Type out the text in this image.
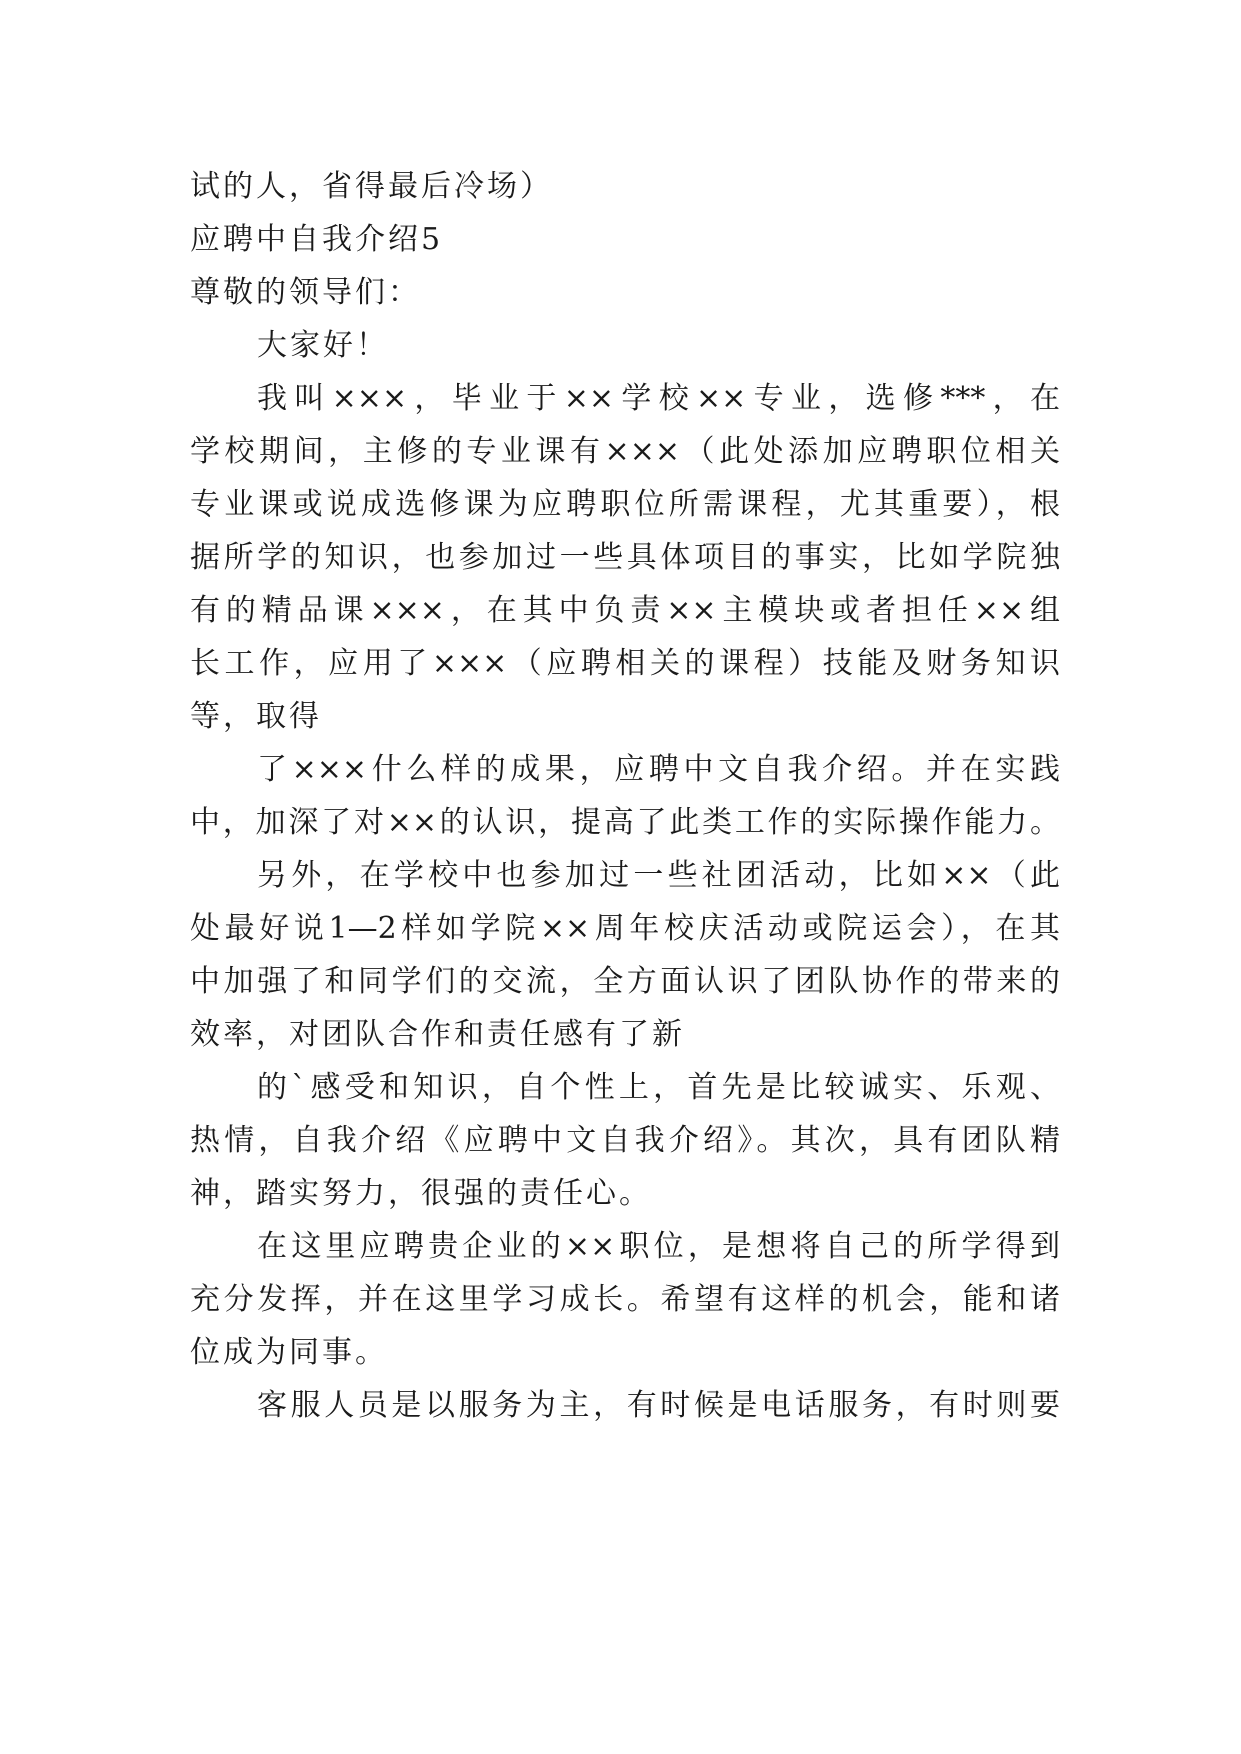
试的人，省得最后冷场）
应聘中自我介绍5
尊敬的领导们：
大家好！
我叫×××，毕业于××学校××专业，选修***，在
学校期间，主修的专业课有×××（此处添加应聘职位相关
专业课或说成选修课为应聘职位所需课程，尤其重要），根
据所学的知识，也参加过一些具体项目的事实，比如学院独
有的精品课×××，在其中负责××主模块或者担任××组
长工作，应用了×××（应聘相关的课程）技能及财务知识
等，取得
了×××什么样的成果，应聘中文自我介绍。并在实践
中，加深了对××的认识，提高了此类工作的实际操作能力。
另外，在学校中也参加过一些社团活动，比如××（此
处最好说1—2样如学院××周年校庆活动或院运会），在其
中加强了和同学们的交流，全方面认识了团队协作的带来的
效率，对团队合作和责任感有了新
的`感受和知识，自个性上，首先是比较诚实、乐观、
热情，自我介绍《应聘中文自我介绍》。其次，具有团队精
神，踏实努力，很强的责任心。
在这里应聘贵企业的××职位，是想将自己的所学得到
充分发挥，并在这里学习成长。希望有这样的机会，能和诸
位成为同事。
客服人员是以服务为主，有时候是电话服务，有时则要
